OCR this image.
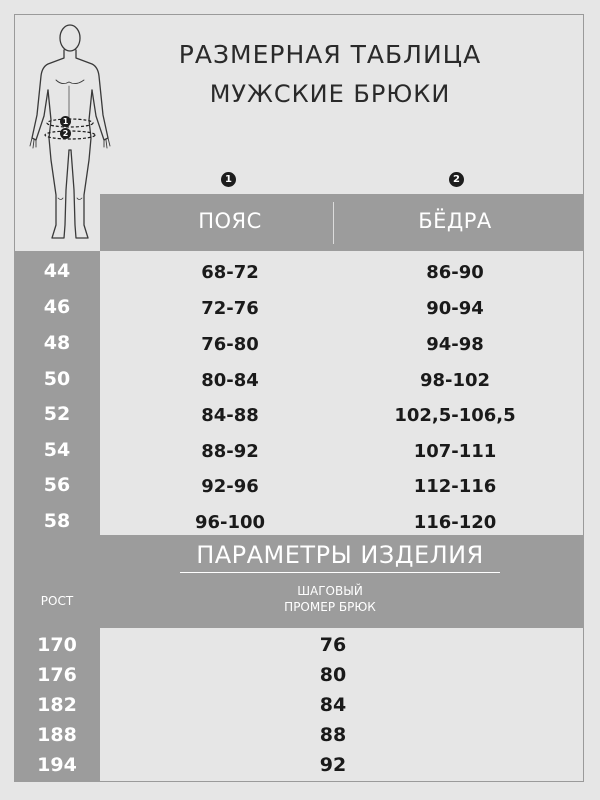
1
2
РАЗМЕРНАЯ ТАБЛИЦА
МУЖСКИЕ БРЮКИ
1	2
ПОЯС	БЁДРА
44	68-72	86-90
46	72-76	90-94
48	76-80	94-98
50	80-84	98-102
52	84-88	102,5-106,5
54	88-92	107-111
56	92-96	112-116
58	96-100	116-120
ПАРАМЕТРЫ ИЗДЕЛИЯ
РОСТ
ШАГОВЫЙ
ПРОМЕР БРЮК
170	76
176	80
182	84
188	88
194	92
